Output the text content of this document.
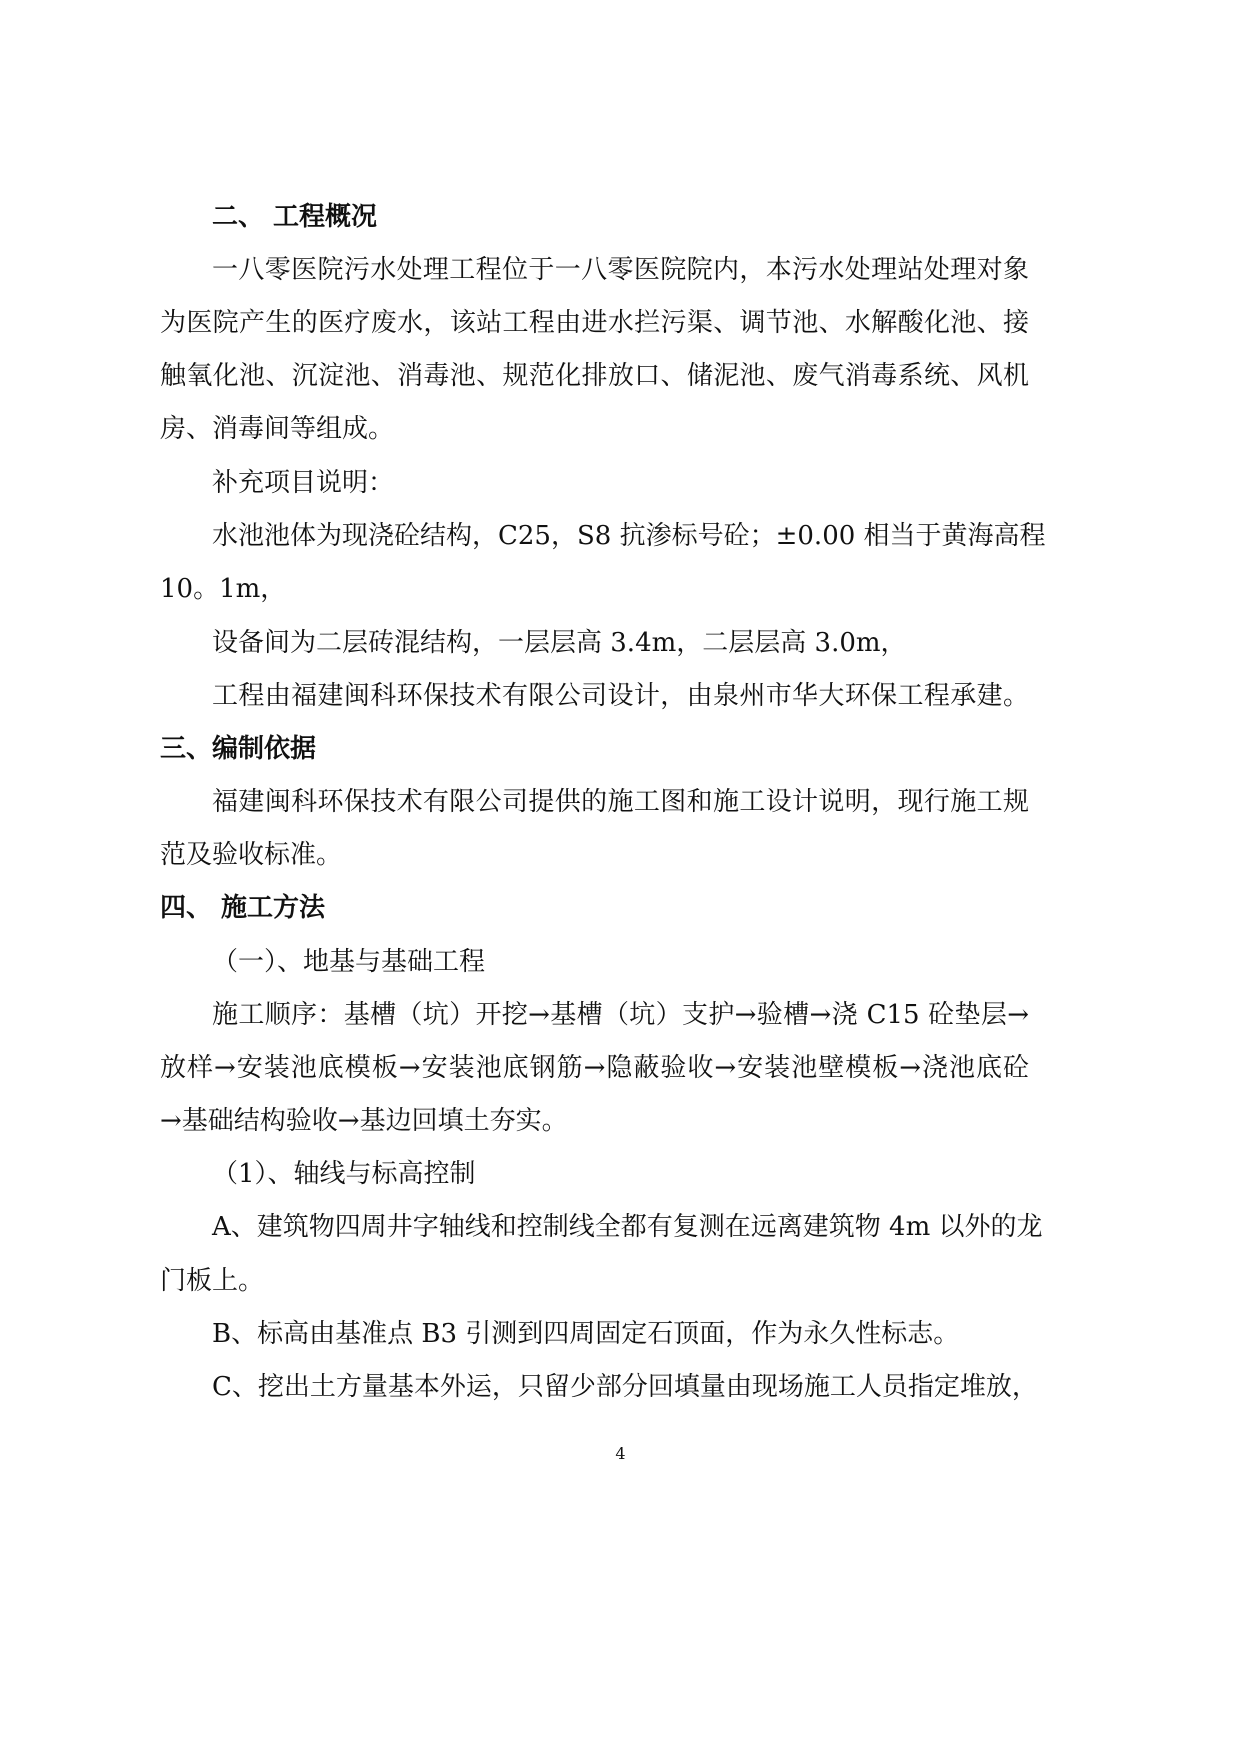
二、 工程概况
一八零医院污水处理工程位于一八零医院院内，本污水处理站处理对象
为医院产生的医疗废水，该站工程由进水拦污渠、调节池、水解酸化池、接
触氧化池、沉淀池、消毒池、规范化排放口、储泥池、废气消毒系统、风机
房、消毒间等组成。
补充项目说明：
水池池体为现浇砼结构，C25，S8 抗渗标号砼；±0.00 相当于黄海高程
10。1m，
设备间为二层砖混结构，一层层高 3.4m，二层层高 3.0m，
工程由福建闽科环保技术有限公司设计，由泉州市华大环保工程承建。
三、编制依据
福建闽科环保技术有限公司提供的施工图和施工设计说明，现行施工规
范及验收标准。
四、 施工方法
（一）、地基与基础工程
施工顺序：基槽（坑）开挖→基槽（坑）支护→验槽→浇 C15 砼垫层→
放样→安装池底模板→安装池底钢筋→隐蔽验收→安装池壁模板→浇池底砼
→基础结构验收→基边回填土夯实。
（1）、轴线与标高控制
A、建筑物四周井字轴线和控制线全都有复测在远离建筑物 4m 以外的龙
门板上。
B、标高由基准点 B3 引测到四周固定石顶面，作为永久性标志。
C、挖出土方量基本外运，只留少部分回填量由现场施工人员指定堆放，
4
